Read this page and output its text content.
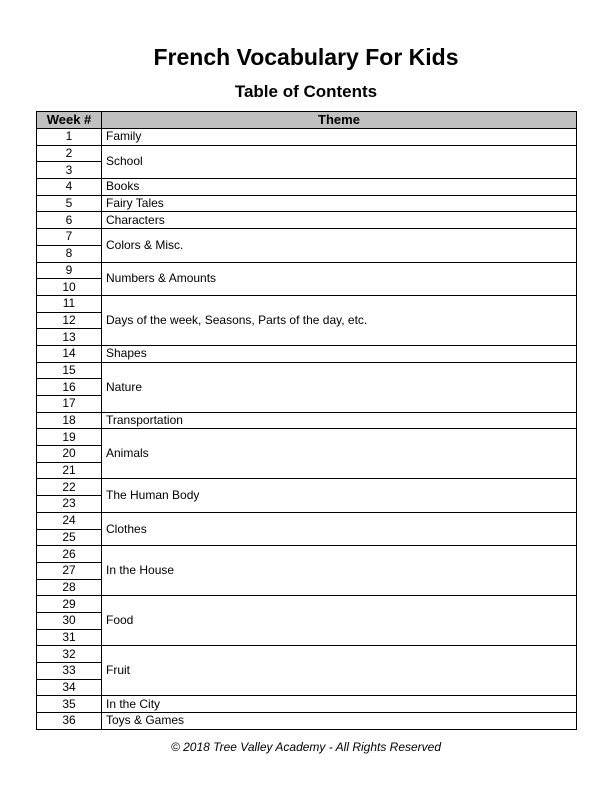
French Vocabulary For Kids
Table of Contents
Week #	Theme
1	Family
2	School
3	
4	Books
5	Fairy Tales
6	Characters
7	Colors & Misc.
8	
9	Numbers & Amounts
10	
11	Days of the week, Seasons, Parts of the day, etc.
12	
13	
14	Shapes
15	Nature
16	
17	
18	Transportation
19	Animals
20	
21	
22	The Human Body
23	
24	Clothes
25	
26	In the House
27	
28	
29	Food
30	
31	
32	Fruit
33	
34	
35	In the City
36	Toys & Games
© 2018 Tree Valley Academy - All Rights Reserved
